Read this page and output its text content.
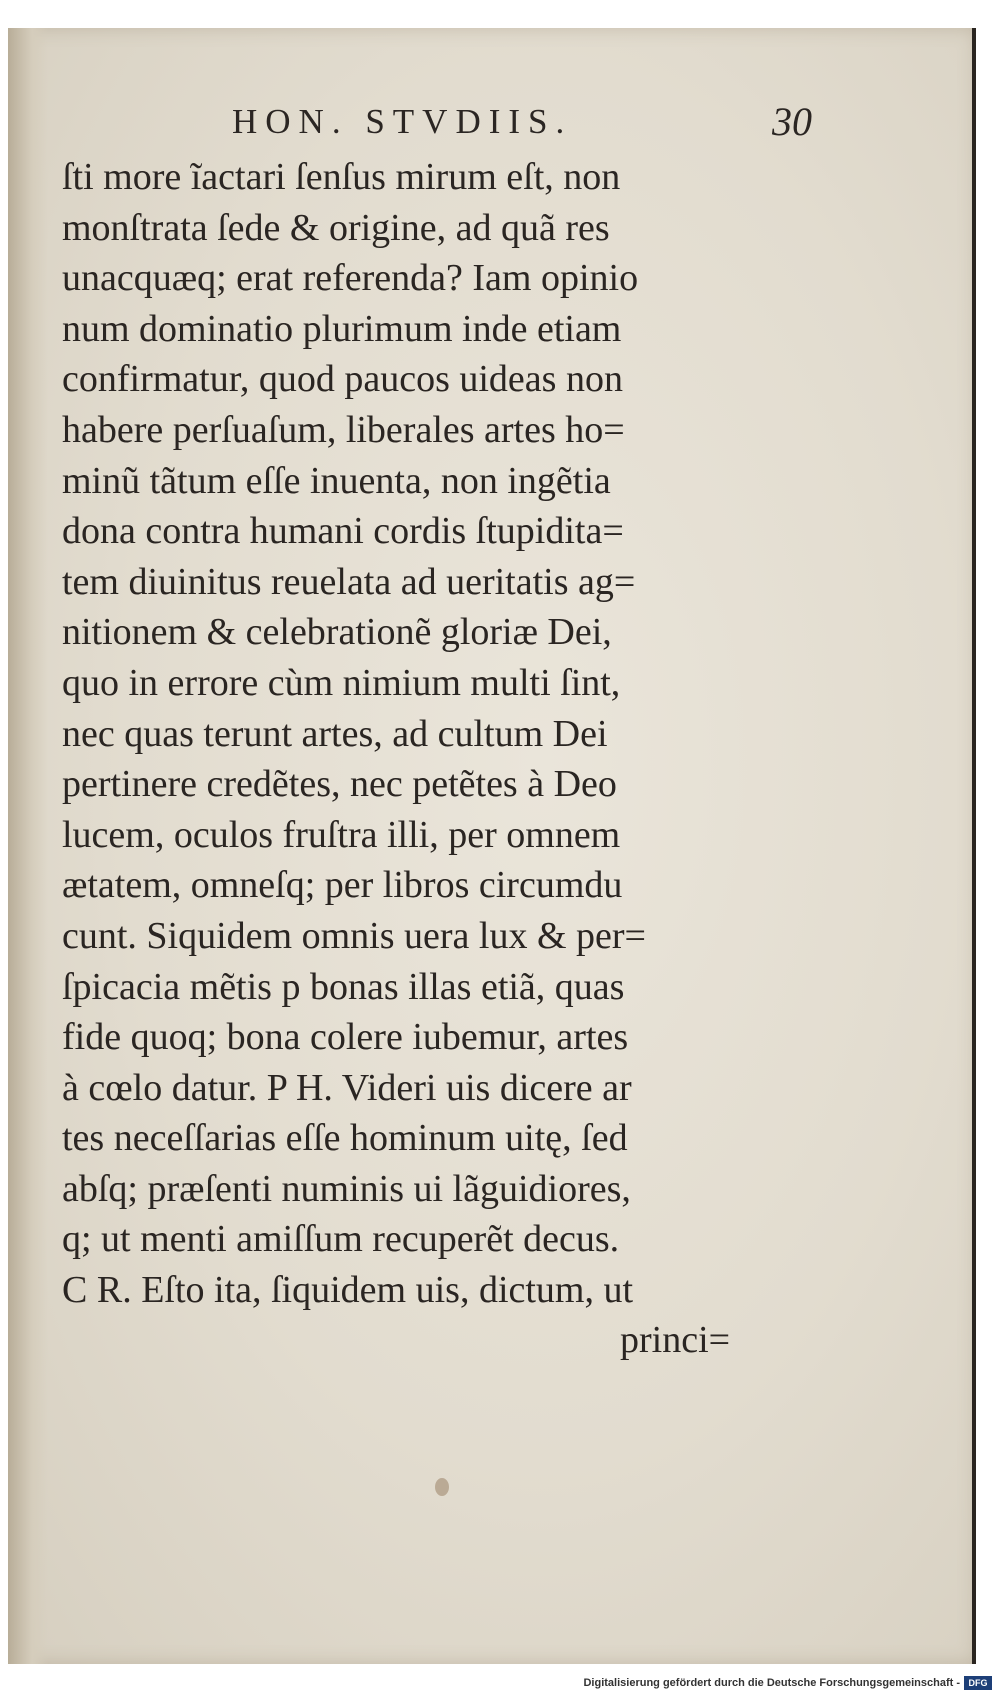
HON. STVDIIS.	30
ſti more ĩactari ſenſus mirum eſt, non
monſtrata ſede & origine, ad quã res
unacquæq; erat referenda? Iam opinio
num dominatio plurimum inde etiam
confirmatur, quod paucos uideas non
habere perſuaſum, liberales artes ho=
minũ tãtum eſſe inuenta, non ingẽtia
dona contra humani cordis ſtupidita=
tem diuinitus reuelata ad ueritatis ag=
nitionem & celebrationẽ gloriæ Dei,
quo in errore cùm nimium multi ſint,
nec quas terunt artes, ad cultum Dei
pertinere credẽtes, nec petẽtes à Deo
lucem, oculos fruſtra illi, per omnem
ætatem, omneſq; per libros circumdu
cunt. Siquidem omnis uera lux & per=
ſpicacia mẽtis p bonas illas etiã, quas
fide quoq; bona colere iubemur, artes
à cœlo datur. P H. Videri uis dicere ar
tes neceſſarias eſſe hominum uitę, ſed
abſq; præſenti numinis ui lãguidiores,
q; ut menti amiſſum recuperẽt decus.
C R. Eſto ita, ſiquidem uis, dictum, ut
princi=
Digitalisierung gefördert durch die Deutsche Forschungsgemeinschaft - DFG
